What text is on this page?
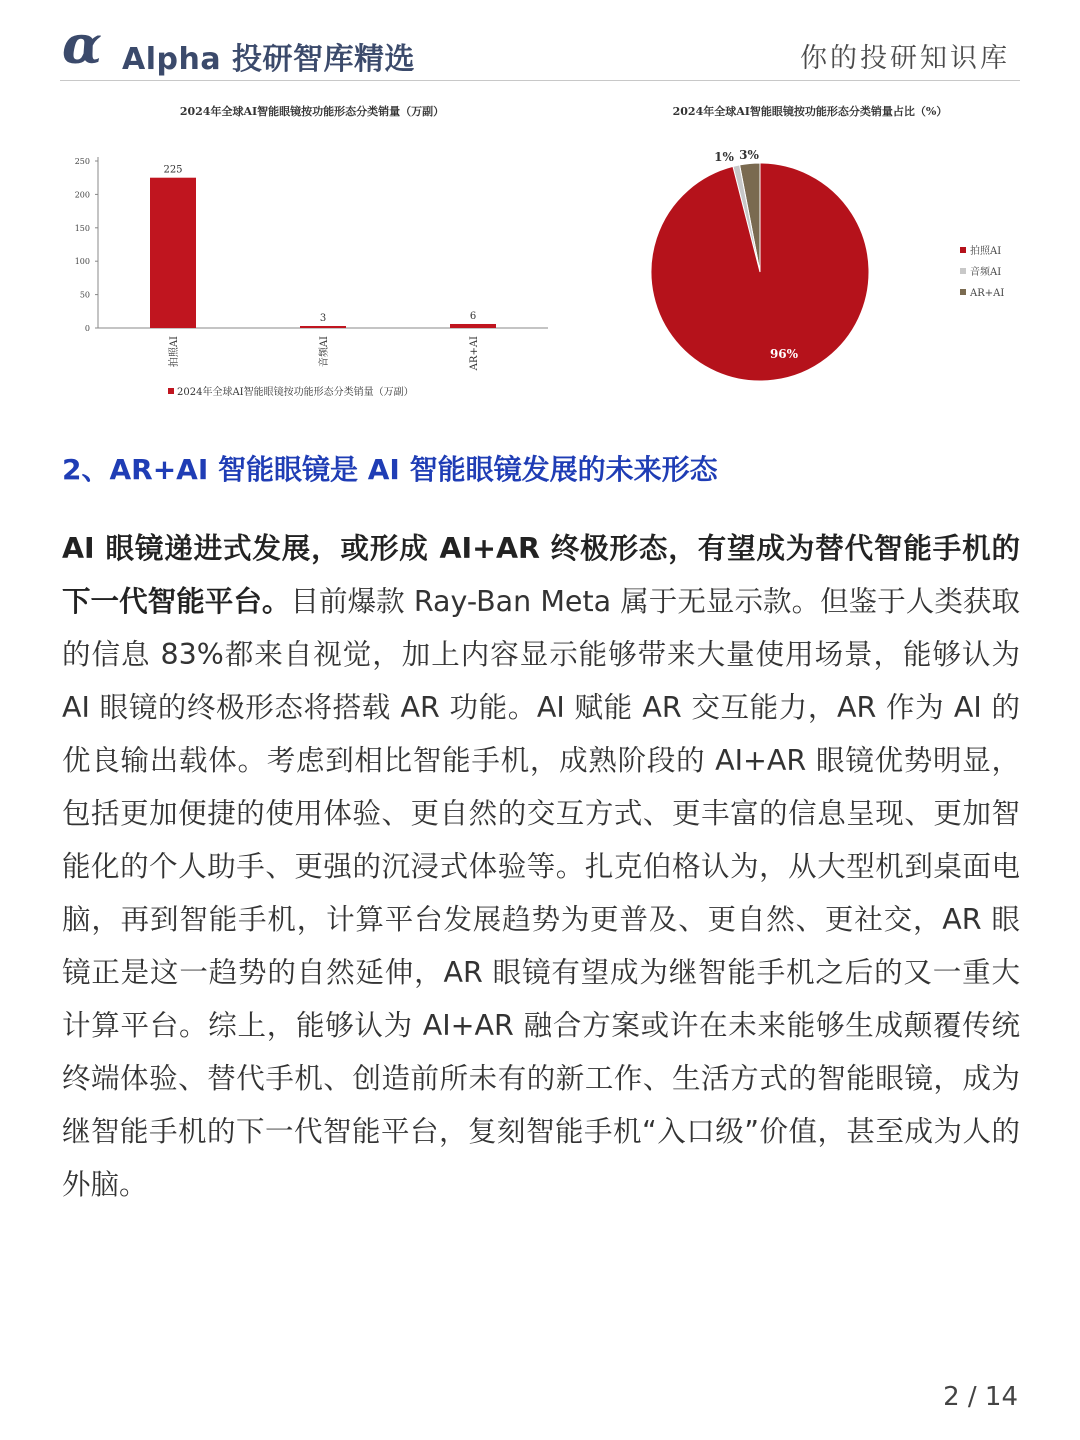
α Alpha 投研智库精选	你的投研知识库
2024年全球AI智能眼镜按功能形态分类销量（万副）
0
50
100
150
200
250
225
拍照AI
3
音频AI
6
AR+AI
2024年全球AI智能眼镜按功能形态分类销量（万副）
2024年全球AI智能眼镜按功能形态分类销量占比（%）
96%
1% 3%
拍照AI
音频AI
AR+AI
2、AR+AI 智能眼镜是 AI 智能眼镜发展的未来形态
AI 眼镜递进式发展，或形成 AI+AR 终极形态，有望成为替代智能手机的下一代智能平台。目前爆款 Ray-Ban Meta 属于无显示款。但鉴于人类获取的信息 83%都来自视觉，加上内容显示能够带来大量使用场景，能够认为 AI 眼镜的终极形态将搭载 AR 功能。AI 赋能 AR 交互能力，AR 作为 AI 的优良输出载体。考虑到相比智能手机，成熟阶段的 AI+AR 眼镜优势明显，包括更加便捷的使用体验、更自然的交互方式、更丰富的信息呈现、更加智能化的个人助手、更强的沉浸式体验等。扎克伯格认为，从大型机到桌面电脑，再到智能手机，计算平台发展趋势为更普及、更自然、更社交，AR 眼镜正是这一趋势的自然延伸，AR 眼镜有望成为继智能手机之后的又一重大计算平台。综上，能够认为 AI+AR 融合方案或许在未来能够生成颠覆传统终端体验、替代手机、创造前所未有的新工作、生活方式的智能眼镜，成为继智能手机的下一代智能平台，复刻智能手机“入口级”价值，甚至成为人的外脑。
2 / 14
